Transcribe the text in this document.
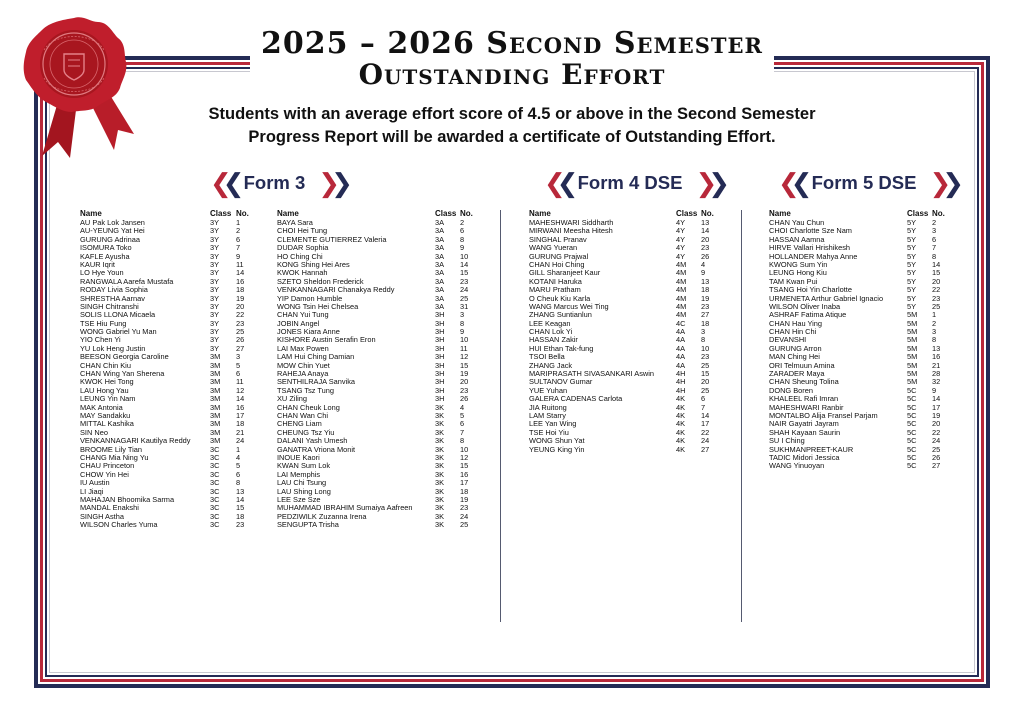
2025 – 2026 Second Semester
Outstanding Effort
Students with an average effort score of 4.5 or above in the Second Semester
Progress Report will be awarded a certificate of Outstanding Effort.
❮❮ Form 3 ❯❯	❮❮ Form 4 DSE ❯❯ ❮❮ Form 5 DSE ❯❯
Name	Class No.
AU Pak Lok Jansen	3Y	1
AU-YEUNG Yat Hei	3Y	2
GURUNG Adrinaa	3Y	6
ISOMURA Toko	3Y	7
KAFLE Ayusha	3Y	9
KAUR Iqrit	3Y	11
LO Hye Youn	3Y	14
RANGWALA Aarefa Mustafa	3Y	16
RODAY Livia Sophia	3Y	18
SHRESTHA Aarnav	3Y	19
SINGH Chitranshi	3Y	20
SOLIS LLONA Micaela	3Y	22
TSE Hiu Fung	3Y	23
WONG Gabriel Yu Man	3Y	25
YIO Chen Yi	3Y	26
YU Lok Heng Justin	3Y	27
BEESON Georgia Caroline	3M	3
CHAN Chin Kiu	3M	5
CHAN Wing Yan Sherena	3M	6
KWOK Hei Tong	3M	11
LAU Hong Yau	3M	12
LEUNG Yin Nam	3M	14
MAK Antonia	3M	16
MAY Sandakku	3M	17
MITTAL Kashika	3M	18
SIN Neo	3M	21
VENKANNAGARI Kautilya Reddy	3M	24
BROOME Lily Tian	3C	1
CHANG Mia Ning Yu	3C	4
CHAU Princeton	3C	5
CHOW Yin Hei	3C	6
IU Austin	3C	8
LI Jiaqi	3C	13
MAHAJAN Bhoomika Sarma	3C	14
MANDAL Enakshi	3C	15
SINGH Astha	3C	18
WILSON Charles Yuma	3C	23
Name	Class No.
BAYA Sara	3A	2
CHOI Hei Tung	3A	6
CLEMENTE GUTIERREZ Valeria	3A	8
DUDAR Sophia	3A	9
HO Ching Chi	3A	10
KONG Shing Hei Ares	3A	14
KWOK Hannah	3A	15
SZETO Sheldon Frederick	3A	23
VENKANNAGARI Chanakya Reddy	3A	24
YIP Damon Humble	3A	25
WONG Tsin Hei Chelsea	3A	31
CHAN Yui Tung	3H	3
JOBIN Angel	3H	8
JONES Kiara Anne	3H	9
KISHORE Austin Serafin Eron	3H	10
LAI Max Powen	3H	11
LAM Hui Ching Damian	3H	12
MOW Chin Yuet	3H	15
RAHEJA Anaya	3H	19
SENTHILRAJA Sanvika	3H	20
TSANG Tsz Tung	3H	23
XU Ziling	3H	26
CHAN Cheuk Long	3K	4
CHAN Wan Chi	3K	5
CHENG Liam	3K	6
CHEUNG Tsz Yiu	3K	7
DALANI Yash Umesh	3K	8
GANATRA Vriona Monit	3K	10
INOUE Kaori	3K	12
KWAN Sum Lok	3K	15
LAI Memphis	3K	16
LAU Chi Tsung	3K	17
LAU Shing Long	3K	18
LEE Sze Sze	3K	19
MUHAMMAD IBRAHIM Sumaiya Aafreen	3K	23
PEDZIWILK Zuzanna Irena	3K	24
SENGUPTA Trisha	3K	25
Name	Class No.
MAHESHWARI Siddharth	4Y	13
MIRWANI Meesha Hitesh	4Y	14
SINGHAL Pranav	4Y	20
WANG Yueran	4Y	23
GURUNG Prajwal	4Y	26
CHAN Hoi Ching	4M	4
GILL Sharanjeet Kaur	4M	9
KOTANI Haruka	4M	13
MARU Pratham	4M	18
O Cheuk Kiu Karla	4M	19
WANG Marcus Wei Ting	4M	23
ZHANG Suntianlun	4M	27
LEE Keagan	4C	18
CHAN Lok Yi	4A	3
HASSAN Zakir	4A	8
HUI Ethan Tak-fung	4A	10
TSOI Bella	4A	23
ZHANG Jack	4A	25
MARIPRASATH SIVASANKARI Aswin	4H	15
SULTANOV Gumar	4H	20
YUE Yuhan	4H	25
GALERA CADENAS Carlota	4K	6
JIA Ruitong	4K	7
LAM Starry	4K	14
LEE Yan Wing	4K	17
TSE Hoi Yiu	4K	22
WONG Shun Yat	4K	24
YEUNG King Yin	4K	27
Name	Class No.
CHAN Yau Chun	5Y	2
CHOI Charlotte Sze Nam	5Y	3
HASSAN Aamna	5Y	6
HIRVE Vallari Hrishikesh	5Y	7
HOLLANDER Mahya Anne	5Y	8
KWONG Sum Yin	5Y	14
LEUNG Hong Kiu	5Y	15
TAM Kwan Pui	5Y	20
TSANG Hoi Yin Charlotte	5Y	22
URMENETA Arthur Gabriel Ignacio	5Y	23
WILSON Oliver Inaba	5Y	25
ASHRAF Fatima Atique	5M	1
CHAN Hau Ying	5M	2
CHAN Hin Chi	5M	3
DEVANSHI	5M	8
GURUNG Arron	5M	13
MAN Ching Hei	5M	16
ORI Telmuun Amina	5M	21
ZARADER Maya	5M	28
CHAN Sheung Tolina	5M	32
DONG Boren	5C	9
KHALEEL Rafi Imran	5C	14
MAHESHWARI Ranbir	5C	17
MONTALBO Alija Fransel Parjam	5C	19
NAIR Gayatri Jayram	5C	20
SHAH Kayaan Saurin	5C	22
SU I Ching	5C	24
SUKHMANPREET-KAUR	5C	25
TADIC Midori Jessica	5C	26
WANG Yinuoyan	5C	27
